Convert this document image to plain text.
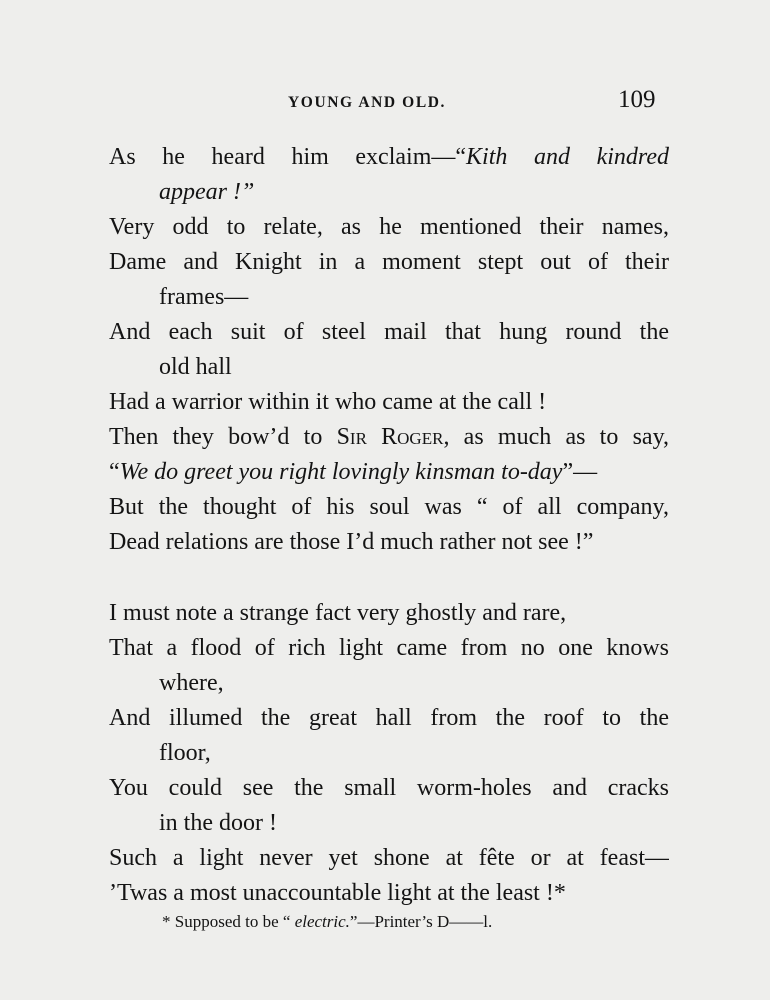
YOUNG AND OLD.	109
As he heard him exclaim—“Kith and kindred
appear !”
Very odd to relate, as he mentioned their names,
Dame and Knight in a moment stept out of their
frames—
And each suit of steel mail that hung round the
old hall
Had a warrior within it who came at the call !
Then they bow’d to Sir Roger, as much as to say,
“We do greet you right lovingly kinsman to-day”—
But the thought of his soul was “ of all company,
Dead relations are those I’d much rather not see !”
I must note a strange fact very ghostly and rare,
That a flood of rich light came from no one knows
where,
And illumed the great hall from the roof to the
floor,
You could see the small worm-holes and cracks
in the door !
Such a light never yet shone at fête or at feast—
’Twas a most unaccountable light at the least !*
* Supposed to be “ electric.”—Printer’s D——l.
